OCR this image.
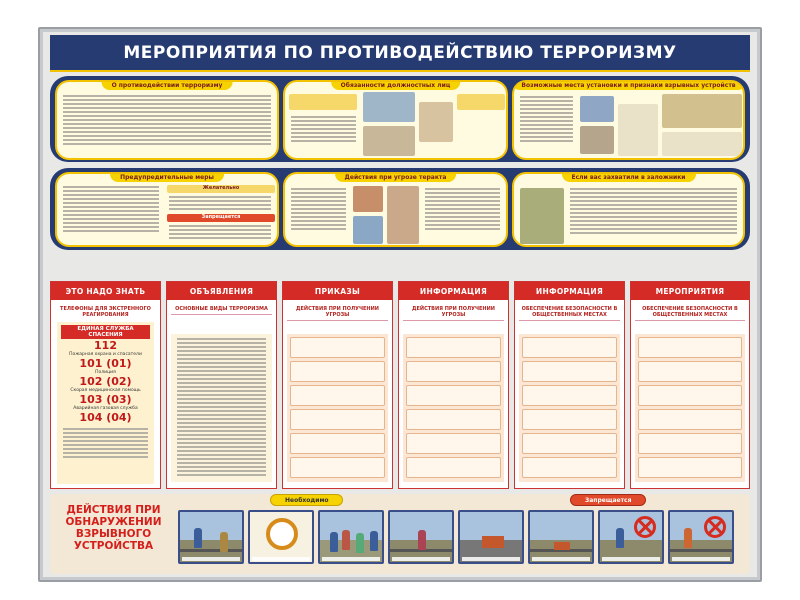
МЕРОПРИЯТИЯ ПО ПРОТИВОДЕЙСТВИЮ ТЕРРОРИЗМУ
О противодействии терроризму	Обязанности должностных лиц	Возможные места установки и признаки взрывных устройств
Предупредительные меры
Желательно
Запрещается
Действия при угрозе теракта	Если вас захватили в заложники
ЭТО НАДО ЗНАТЬ
ТЕЛЕФОНЫ ДЛЯ ЭКСТРЕННОГО РЕАГИРОВАНИЯ
ЕДИНАЯ СЛУЖБА СПАСЕНИЯ
112
Пожарная охрана и спасатели
101 (01)
Полиция
102 (02)
Скорая медицинская помощь
103 (03)
Аварийная газовая служба
104 (04)
ОБЪЯВЛЕНИЯ
ОСНОВНЫЕ ВИДЫ ТЕРРОРИЗМА
ПРИКАЗЫ
ДЕЙСТВИЯ ПРИ ПОЛУЧЕНИИ УГРОЗЫ
ИНФОРМАЦИЯ
ДЕЙСТВИЯ ПРИ ПОЛУЧЕНИИ УГРОЗЫ
ИНФОРМАЦИЯ
ОБЕСПЕЧЕНИЕ БЕЗОПАСНОСТИ В ОБЩЕСТВЕННЫХ МЕСТАХ
МЕРОПРИЯТИЯ
ОБЕСПЕЧЕНИЕ БЕЗОПАСНОСТИ В ОБЩЕСТВЕННЫХ МЕСТАХ
ДЕЙСТВИЯ ПРИ ОБНАРУЖЕНИИ ВЗРЫВНОГО УСТРОЙСТВА
Необходимо	Запрещается
